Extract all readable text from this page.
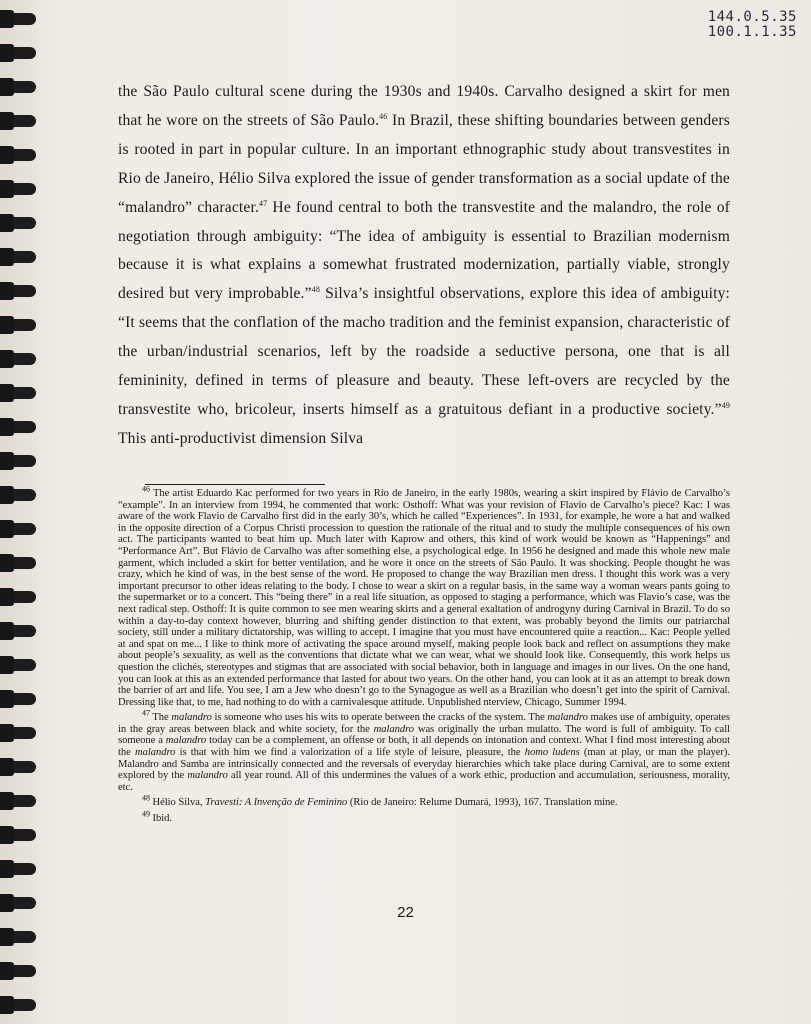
144.0.5.35
100.1.1.35

the São Paulo cultural scene during the 1930s and 1940s. Carvalho designed a skirt for men that he wore on the streets of São Paulo.$^{46}$ In Brazil, these shifting boundaries between genders is rooted in part in popular culture. In an important ethnographic study about transvestites in Rio de Janeiro, Hélio Silva explored the issue of gender transformation as a social update of the “malandro” character.$^{47}$ He found central to both the transvestite and the malandro, the role of negotiation through ambiguity: “The idea of ambiguity is essential to Brazilian modernism because it is what explains a somewhat frustrated modernization, partially viable, strongly desired but very improbable.”$^{48}$ Silva’s insightful observations, explore this idea of ambiguity: “It seems that the conflation of the macho tradition and the feminist expansion, characteristic of the urban/industrial scenarios, left by the roadside a seductive persona, one that is all femininity, defined in terms of pleasure and beauty. These left-overs are recycled by the transvestite who, bricoleur, inserts himself as a gratuitous defiant in a productive society.”$^{49}$ This anti-productivist dimension Silva

$^{46}$ The artist Eduardo Kac performed for two years in Rio de Janeiro, in the early 1980s, wearing a skirt inspired by Flávio de Carvalho’s “example”. In an interview from 1994, he commented that work: Osthoff: What was your revision of Flavio de Carvalho’s piece? Kac: I was aware of the work Flavio de Carvalho first did in the early 30’s, which he called “Experiences”. In 1931, for example, he wore a hat and walked in the opposite direction of a Corpus Christi procession to question the rationale of the ritual and to study the multiple consequences of his own act. The participants wanted to beat him up. Much later with Kaprow and others, this kind of work would be known as “Happenings” and “Performance Art”. But Flávio de Carvalho was after something else, a psychological edge. In 1956 he designed and made this whole new male garment, which included a skirt for better ventilation, and he wore it once on the streets of São Paulo. It was shocking. People thought he was crazy, which he kind of was, in the best sense of the word. He proposed to change the way Brazilian men dress. I thought this work was a very important precursor to other ideas relating to the body. I chose to wear a skirt on a regular basis, in the same way a woman wears pants going to the supermarket or to a concert. This “being there” in a real life situation, as opposed to staging a performance, which was Flavio’s case, was the next radical step. Osthoff: It is quite common to see men wearing skirts and a general exaltation of androgyny during Carnival in Brazil. To do so within a day-to-day context however, blurring and shifting gender distinction to that extent, was probably beyond the limits our patriarchal society, still under a military dictatorship, was willing to accept. I imagine that you must have encountered quite a reaction... Kac: People yelled at and spat on me... I like to think more of activating the space around myself, making people look back and reflect on assumptions they make about people’s sexuality, as well as the conventions that dictate what we can wear, what we should look like. Consequently, this work helps us question the clichés, stereotypes and stigmas that are associated with social behavior, both in language and images in our lives. On the one hand, you can look at this as an extended performance that lasted for about two years. On the other hand, you can look at it as an attempt to break down the barrier of art and life. You see, I am a Jew who doesn’t go to the Synagogue as well as a Brazilian who doesn’t get into the spirit of Carnival. Dressing like that, to me, had nothing to do with a carnivalesque attitude. Unpublished nterview, Chicago, Summer 1994.

$^{47}$ The malandro is someone who uses his wits to operate between the cracks of the system. The malandro makes use of ambiguity, operates in the gray areas between black and white society, for the malandro was originally the urban mulatto. The word is full of ambiguity. To call someone a malandro today can be a complement, an offense or both, it all depends on intonation and context. What I find most interesting about the malandro is that with him we find a valorization of a life style of leisure, pleasure, the homo ludens (man at play, or man the player). Malandro and Samba are intrinsically connected and the reversals of everyday hierarchies which take place during Carnival, are to some extent explored by the malandro all year round. All of this undermines the values of a work ethic, production and accumulation, seriousness, morality, etc.

$^{48}$ Hélio Silva, Travesti: A Invenção de Feminino (Rio de Janeiro: Relume Dumará, 1993), 167. Translation mine.

$^{49}$ Ibid.

22
